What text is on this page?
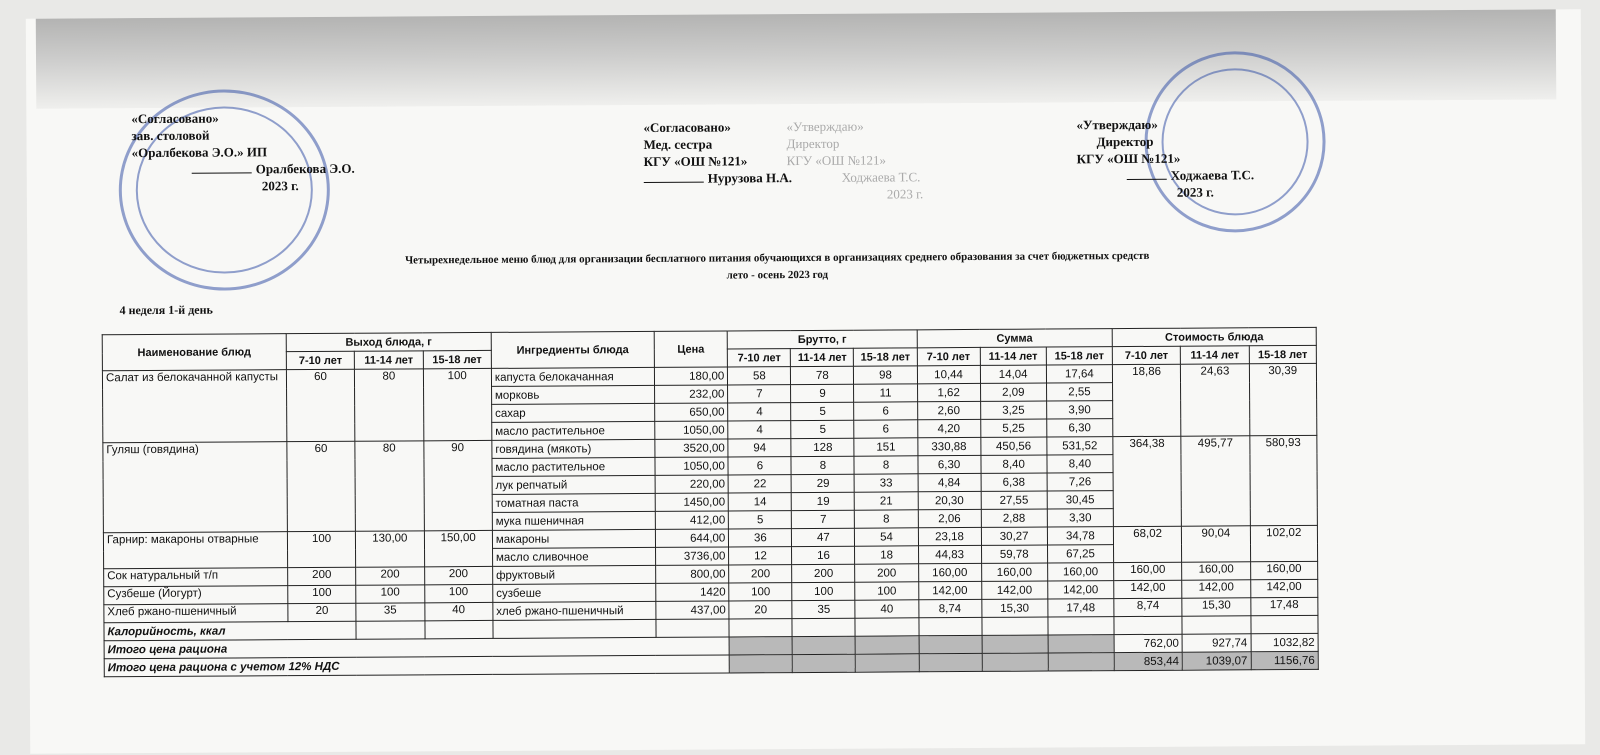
«Согласовано»
зав. столовой
«Оралбекова Э.О.» ИП
Оралбекова Э.О.
2023 г.
«Согласовано»
Мед. сестра
КГУ «ОШ №121»
Нурузова Н.А.
«Утверждаю»
Директор
КГУ «ОШ №121»
Ходжаева Т.С.
2023 г.
«Утверждаю»
Директор
КГУ «ОШ №121»
Ходжаева Т.С.
2023 г.
Четырехнедельное меню блюд для организации бесплатного питания обучающихся в организациях среднего образования за счет бюджетных средств
лето - осень 2023 год
4 неделя 1-й день
Наименование блюд	Выход блюда, г			Ингредиенты блюда	Цена	Брутто, г			Сумма			Стоимость блюда		
	7-10 лет	11-14 лет	15-18 лет			7-10 лет	11-14 лет	15-18 лет	7-10 лет	11-14 лет	15-18 лет	7-10 лет	11-14 лет	15-18 лет
Салат из белокачанной капусты	60	80	100	капуста белокачанная	180,00	58	78	98	10,44	14,04	17,64	18,86	24,63	30,39
				морковь	232,00	7	9	11	1,62	2,09	2,55			
				сахар	650,00	4	5	6	2,60	3,25	3,90			
				масло растительное	1050,00	4	5	6	4,20	5,25	6,30			
Гуляш (говядина)	60	80	90	говядина (мякоть)	3520,00	94	128	151	330,88	450,56	531,52	364,38	495,77	580,93
				масло растительное	1050,00	6	8	8	6,30	8,40	8,40			
				лук репчатый	220,00	22	29	33	4,84	6,38	7,26			
				томатная паста	1450,00	14	19	21	20,30	27,55	30,45			
				мука пшеничная	412,00	5	7	8	2,06	2,88	3,30			
Гарнир: макароны отварные	100	130,00	150,00	макароны	644,00	36	47	54	23,18	30,27	34,78	68,02	90,04	102,02
				масло сливочное	3736,00	12	16	18	44,83	59,78	67,25			
Сок натуральный т/п	200	200	200	фруктовый	800,00	200	200	200	160,00	160,00	160,00	160,00	160,00	160,00
Сузбеше (Йогурт)	100	100	100	сузбеше	1420	100	100	100	142,00	142,00	142,00	142,00	142,00	142,00
Хлеб ржано-пшеничный	20	35	40	хлеб ржано-пшеничный	437,00	20	35	40	8,74	15,30	17,48	8,74	15,30	17,48
Калорийность, ккал														
Итого цена рациона												762,00	927,74	1032,82
Итого цена рациона с учетом 12% НДС												853,44	1039,07	1156,76
